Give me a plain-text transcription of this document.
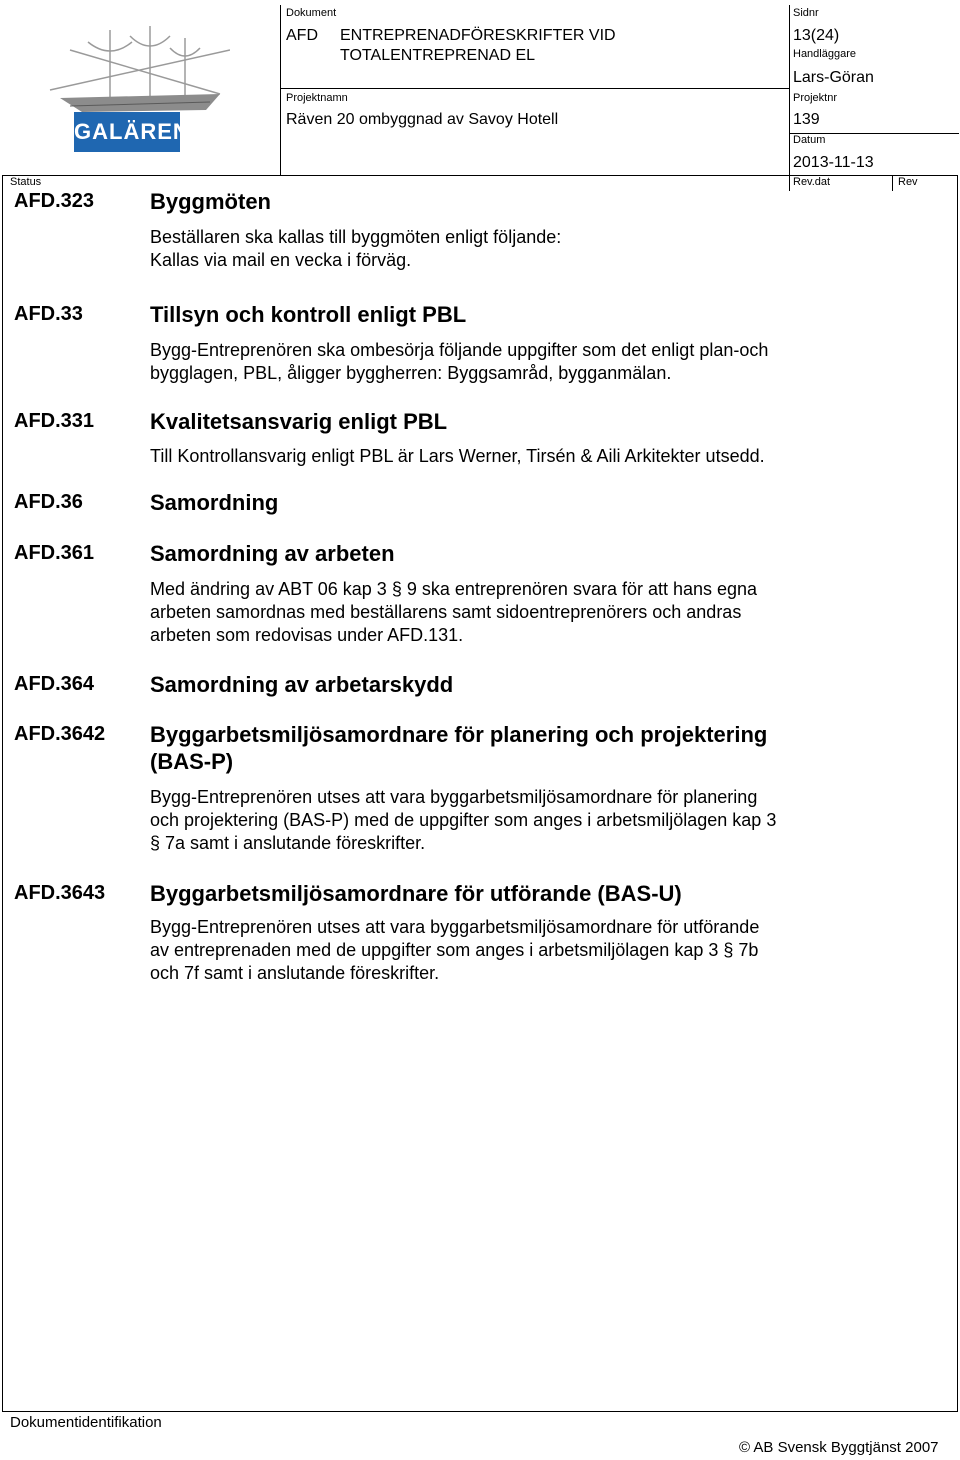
GALÄREN
Dokument
AFD ENTREPRENADFÖRESKRIFTER VID
TOTALENTREPRENAD EL
Sidnr
13(24)
Handläggare
Lars-Göran
Projektnamn
Räven 20 ombyggnad av Savoy Hotell
Projektnr
139
Datum
2013-11-13
Status	Rev.dat	Rev
AFD.323	Byggmöten
Beställaren ska kallas till byggmöten enligt följande:
Kallas via mail en vecka i förväg.
AFD.33	Tillsyn och kontroll enligt PBL
Bygg-Entreprenören ska ombesörja följande uppgifter som det enligt plan-och
bygglagen, PBL, åligger byggherren: Byggsamråd, bygganmälan.
AFD.331	Kvalitetsansvarig enligt PBL
Till Kontrollansvarig enligt PBL är Lars Werner, Tirsén & Aili Arkitekter utsedd.
AFD.36	Samordning
AFD.361	Samordning av arbeten
Med ändring av ABT 06 kap 3 § 9 ska entreprenören svara för att hans egna
arbeten samordnas med beställarens samt sidoentreprenörers och andras
arbeten som redovisas under AFD.131.
AFD.364	Samordning av arbetarskydd
AFD.3642 Byggarbetsmiljösamordnare för planering och projektering
(BAS-P)
Bygg-Entreprenören utses att vara byggarbetsmiljösamordnare för planering
och projektering (BAS-P) med de uppgifter som anges i arbetsmiljölagen kap 3
§ 7a samt i anslutande föreskrifter.
AFD.3643 Byggarbetsmiljösamordnare för utförande (BAS-U)
Bygg-Entreprenören utses att vara byggarbetsmiljösamordnare för utförande
av entreprenaden med de uppgifter som anges i arbetsmiljölagen kap 3 § 7b
och 7f samt i anslutande föreskrifter.
Dokumentidentifikation
© AB Svensk Byggtjänst 2007
